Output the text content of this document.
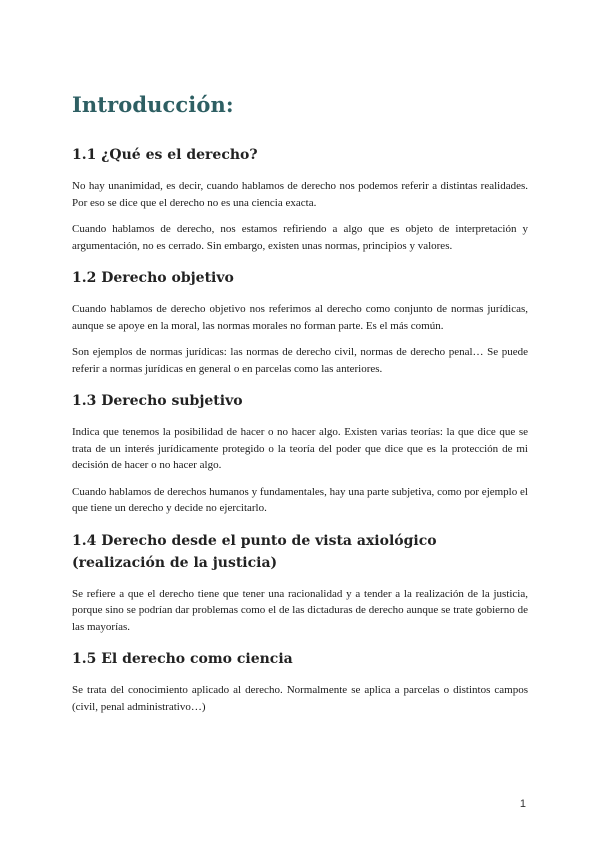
Introducción:
1.1 ¿Qué es el derecho?

No hay unanimidad, es decir, cuando hablamos de derecho nos podemos referir a distintas realidades. Por eso se dice que el derecho no es una ciencia exacta.

Cuando hablamos de derecho, nos estamos refiriendo a algo que es objeto de interpretación y argumentación, no es cerrado. Sin embargo, existen unas normas, principios y valores.

1.2 Derecho objetivo

Cuando hablamos de derecho objetivo nos referimos al derecho como conjunto de normas jurídicas, aunque se apoye en la moral, las normas morales no forman parte. Es el más común.

Son ejemplos de normas jurídicas: las normas de derecho civil, normas de derecho penal… Se puede referir a normas jurídicas en general o en parcelas como las anteriores.

1.3 Derecho subjetivo

Indica que tenemos la posibilidad de hacer o no hacer algo. Existen varias teorías: la que dice que se trata de un interés jurídicamente protegido o la teoría del poder que dice que es la protección de mi decisión de hacer o no hacer algo.

Cuando hablamos de derechos humanos y fundamentales, hay una parte subjetiva, como por ejemplo el que tiene un derecho y decide no ejercitarlo.

1.4 Derecho desde el punto de vista axiológico (realización de la justicia)

Se refiere a que el derecho tiene que tener una racionalidad y a tender a la realización de la justicia, porque sino se podrían dar problemas como el de las dictaduras de derecho aunque se trate gobierno de las mayorías.

1.5 El derecho como ciencia

Se trata del conocimiento aplicado al derecho. Normalmente se aplica a parcelas o distintos campos (civil, penal administrativo…)

1
